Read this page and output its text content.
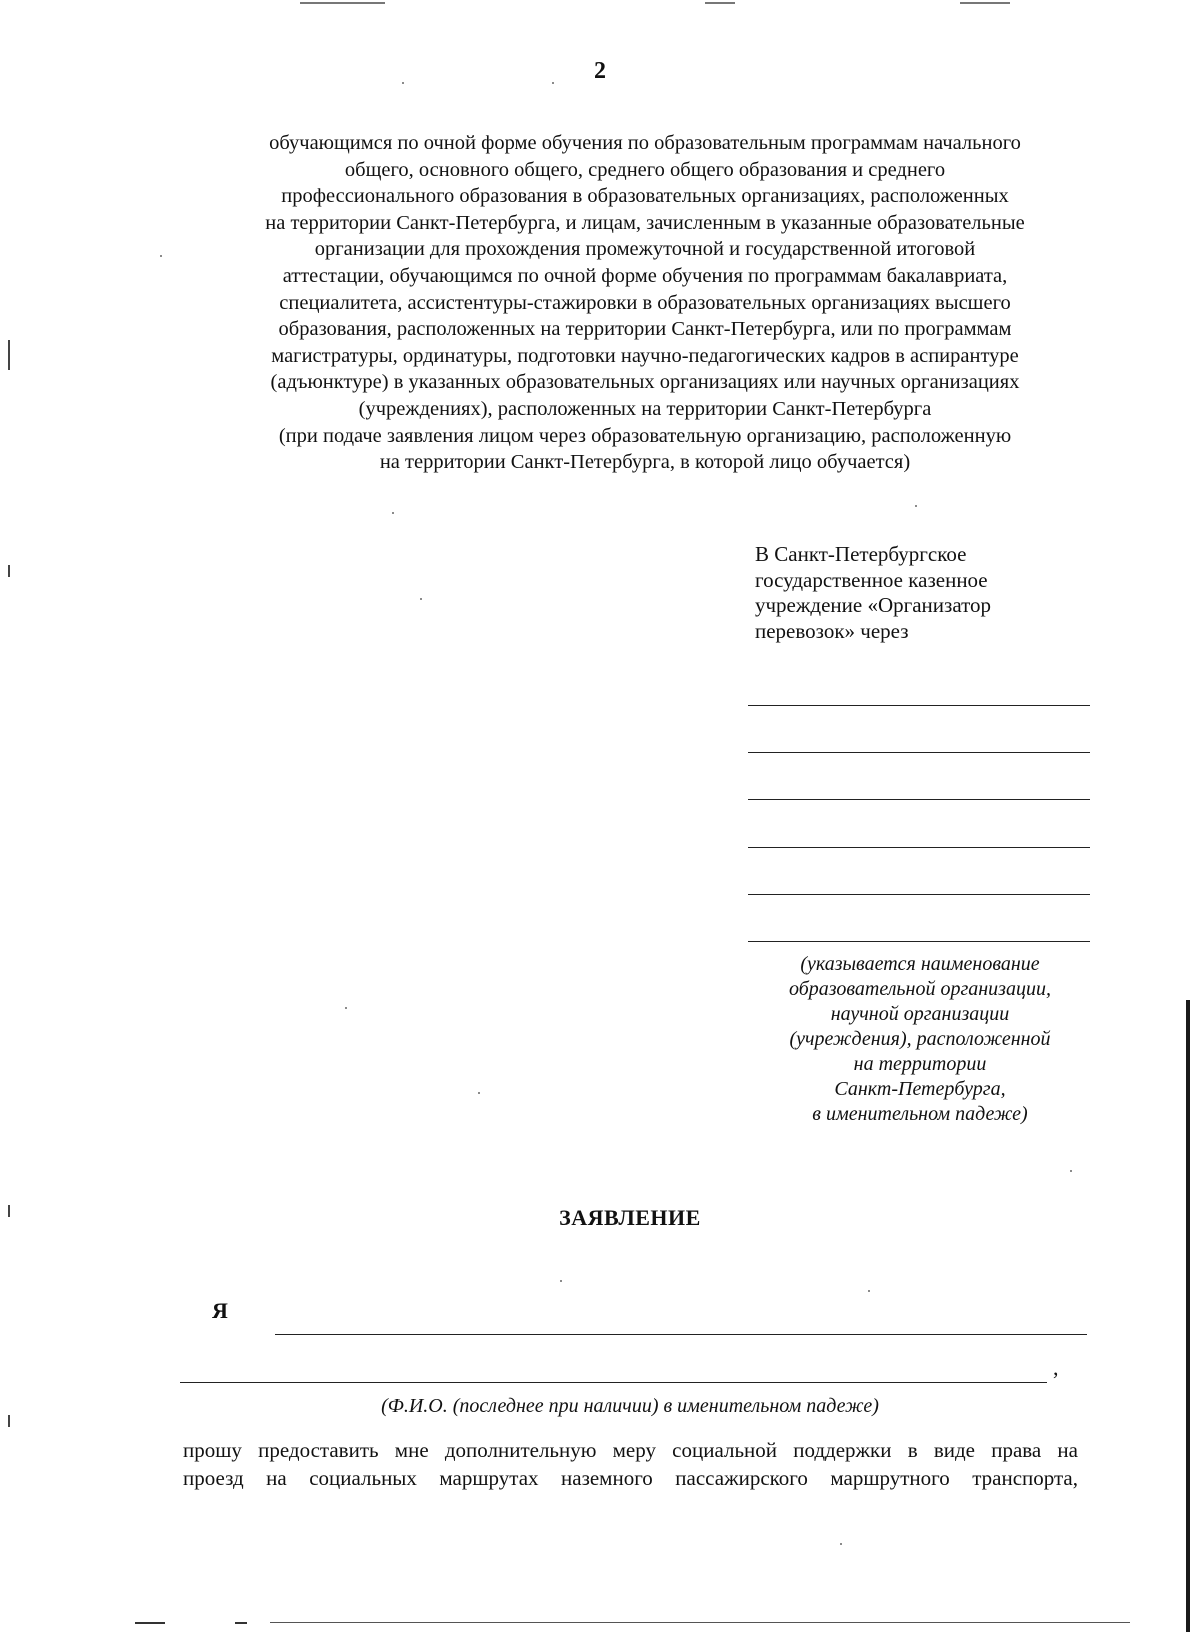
2
обучающимся по очной форме обучения по образовательным программам начального
общего, основного общего, среднего общего образования и среднего
профессионального образования в образовательных организациях, расположенных
на территории Санкт-Петербурга, и лицам, зачисленным в указанные образовательные
организации для прохождения промежуточной и государственной итоговой
аттестации, обучающимся по очной форме обучения по программам бакалавриата,
специалитета, ассистентуры-стажировки в образовательных организациях высшего
образования, расположенных на территории Санкт-Петербурга, или по программам
магистратуры, ординатуры, подготовки научно-педагогических кадров в аспирантуре
(адъюнктуре) в указанных образовательных организациях или научных организациях
(учреждениях), расположенных на территории Санкт-Петербурга
(при подаче заявления лицом через образовательную организацию, расположенную
на территории Санкт-Петербурга, в которой лицо обучается)
В Санкт-Петербургское
государственное казенное
учреждение «Организатор
перевозок» через
(указывается наименование
образовательной организации,
научной организации
(учреждения), расположенной
на территории
Санкт-Петербурга,
в именительном падеже)
ЗАЯВЛЕНИЕ
Я
,
(Ф.И.О. (последнее при наличии) в именительном падеже)
прошу предоставить мне дополнительную меру социальной поддержки в виде права на
проезд на социальных маршрутах наземного пассажирского маршрутного транспорта,
